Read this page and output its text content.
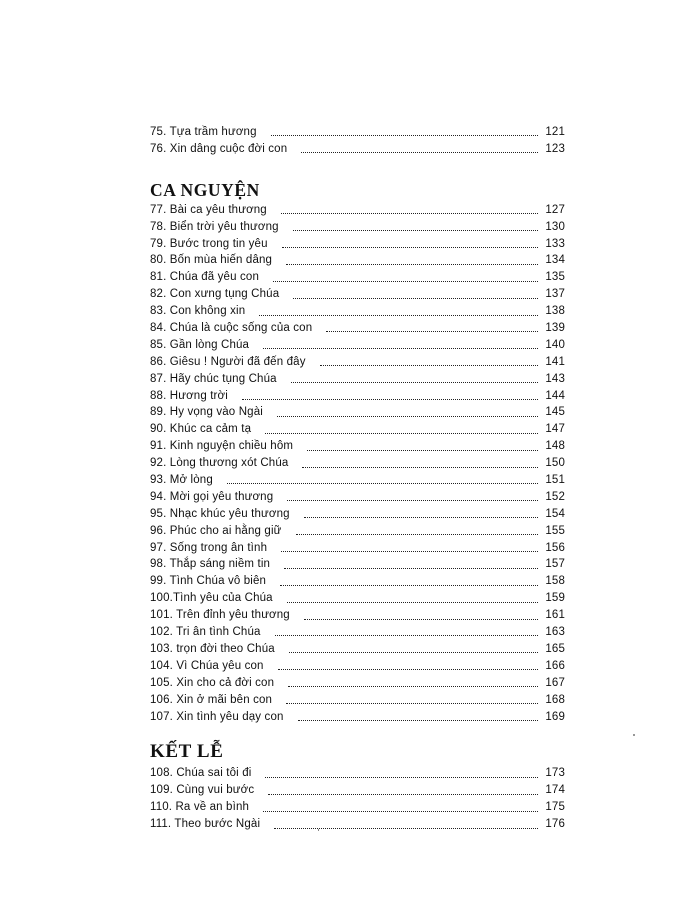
75. Tựa trầm hương	121
76. Xin dâng cuộc đời con	123
CA NGUYỆN
77. Bài ca yêu thương	127
78. Biển trời yêu thương	130
79. Bước trong tin yêu	133
80. Bốn mùa hiến dâng	134
81. Chúa đã yêu con	135
82. Con xưng tụng Chúa	137
83. Con không xin	138
84. Chúa là cuộc sống của con	139
85. Gần lòng Chúa	140
86. Giêsu ! Người đã đến đây	141
87. Hãy chúc tụng Chúa	143
88. Hương trời	144
89. Hy vọng vào Ngài	145
90. Khúc ca cảm tạ	147
91. Kinh nguyện chiều hôm	148
92. Lòng thương xót Chúa	150
93. Mở lòng	151
94. Mời gọi yêu thương	152
95. Nhạc khúc yêu thương	154
96. Phúc cho ai hằng giữ	155
97. Sống trong ân tình	156
98. Thắp sáng niềm tin	157
99. Tình Chúa vô biên	158
100.Tình yêu của Chúa	159
101. Trên đỉnh yêu thương	161
102. Tri ân tình Chúa	163
103. trọn đời theo Chúa	165
104. Vì Chúa yêu con	166
105. Xin cho cả đời con	167
106. Xin ở mãi bên con	168
107. Xin tình yêu dạy con	169
KẾT LỄ
108. Chúa sai tôi đi	173
109. Cùng vui bước	174
110. Ra về an bình	175
111. Theo bước Ngài	176
